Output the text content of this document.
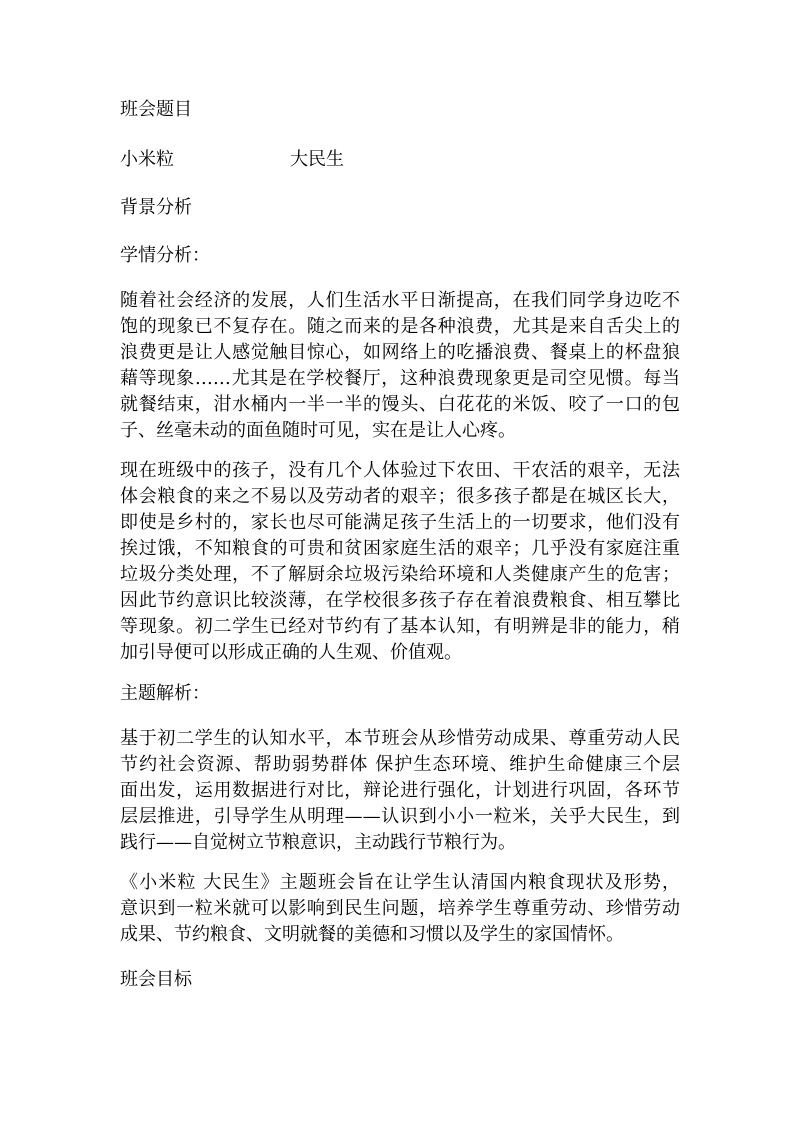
班会题目

小米粒	大民生

背景分析

学情分析：

随着社会经济的发展，人们生活水平日渐提高，在我们同学身边吃不
饱的现象已不复存在。随之而来的是各种浪费，尤其是来自舌尖上的
浪费更是让人感觉触目惊心，如网络上的吃播浪费、餐桌上的杯盘狼
藉等现象……尤其是在学校餐厅，这种浪费现象更是司空见惯。每当
就餐结束，泔水桶内一半一半的馒头、白花花的米饭、咬了一口的包
子、丝毫未动的面鱼随时可见，实在是让人心疼。
现在班级中的孩子，没有几个人体验过下农田、干农活的艰辛，无法
体会粮食的来之不易以及劳动者的艰辛；很多孩子都是在城区长大，
即使是乡村的，家长也尽可能满足孩子生活上的一切要求，他们没有
挨过饿，不知粮食的可贵和贫困家庭生活的艰辛；几乎没有家庭注重
垃圾分类处理，不了解厨余垃圾污染给环境和人类健康产生的危害；
因此节约意识比较淡薄，在学校很多孩子存在着浪费粮食、相互攀比
等现象。初二学生已经对节约有了基本认知，有明辨是非的能力，稍
加引导便可以形成正确的人生观、价值观。

主题解析：

基于初二学生的认知水平，本节班会从珍惜劳动成果、尊重劳动人民
节约社会资源、帮助弱势群体 保护生态环境、维护生命健康三个层
面出发，运用数据进行对比，辩论进行强化，计划进行巩固，各环节
层层推进，引导学生从明理——认识到小小一粒米，关乎大民生，到
践行——自觉树立节粮意识，主动践行节粮行为。
《小米粒 大民生》主题班会旨在让学生认清国内粮食现状及形势，
意识到一粒米就可以影响到民生问题，培养学生尊重劳动、珍惜劳动
成果、节约粮食、文明就餐的美德和习惯以及学生的家国情怀。

班会目标
